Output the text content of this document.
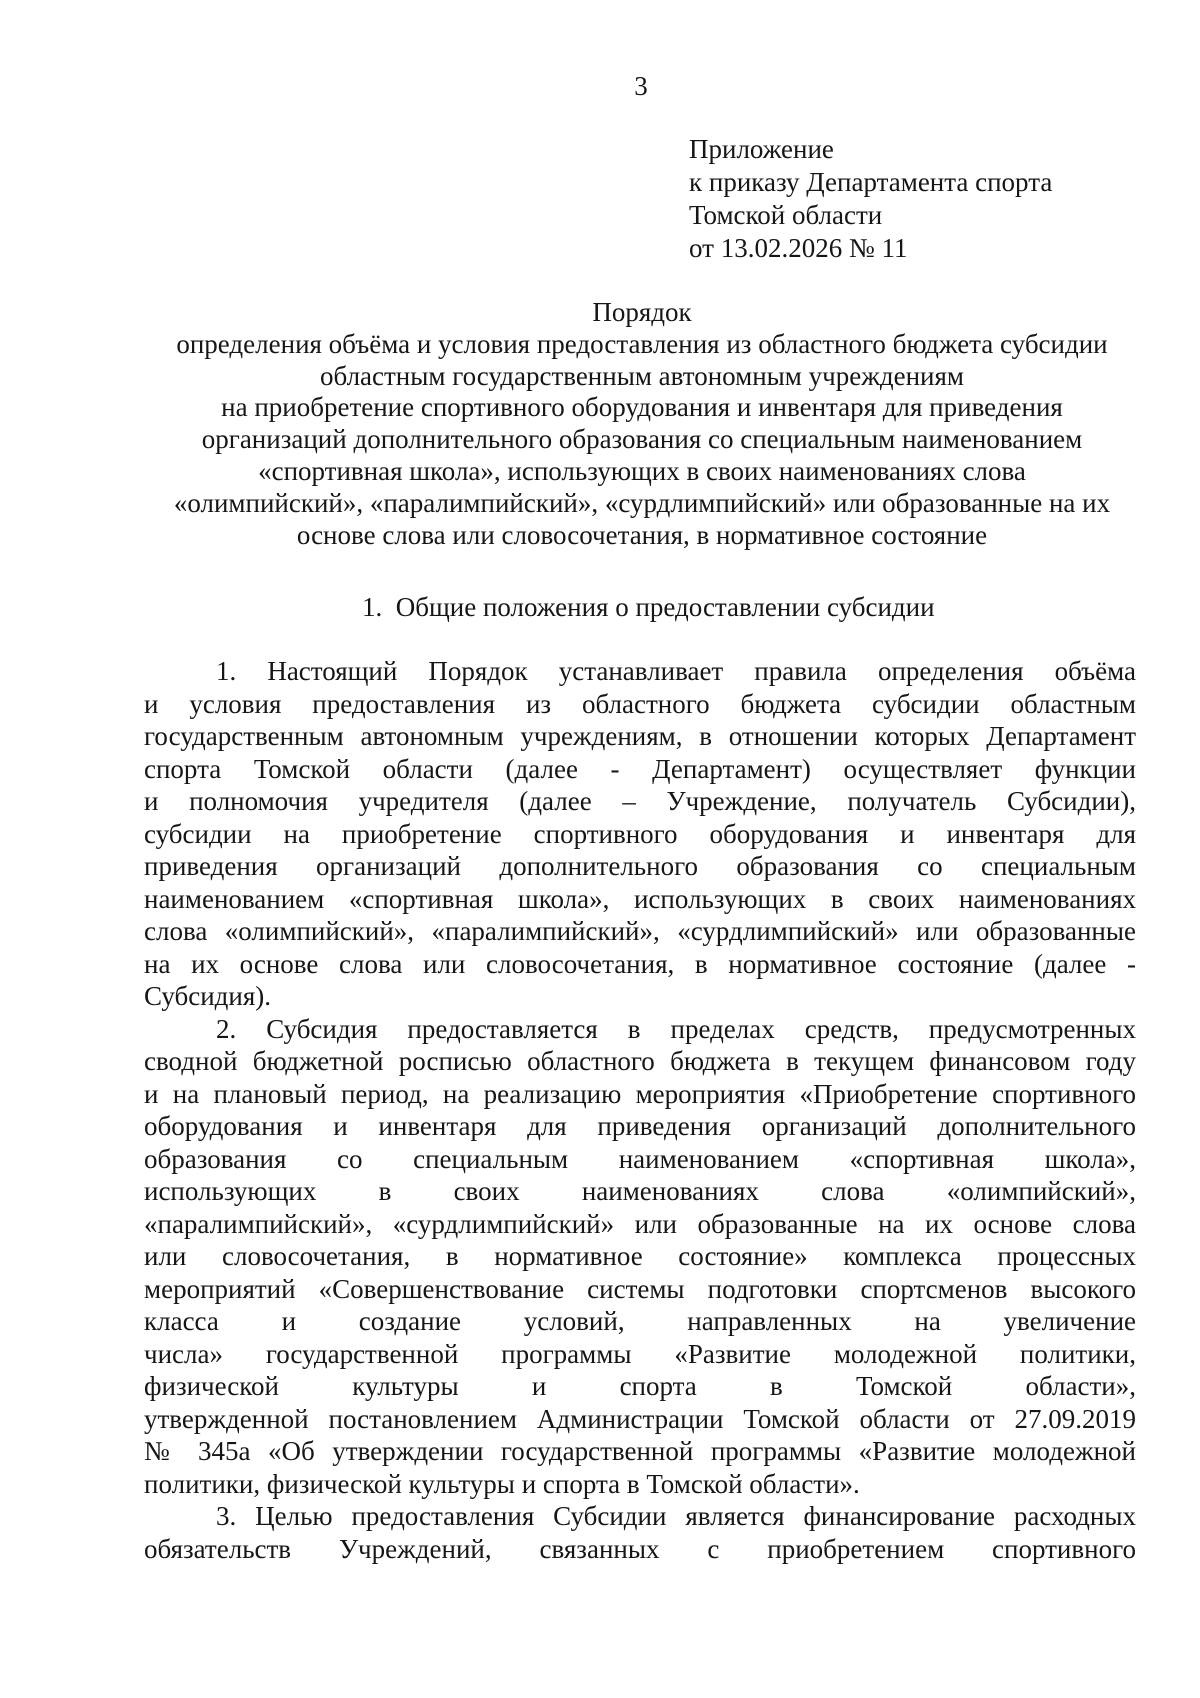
3
Приложение
к приказу Департамента спорта
Томской области
от 13.02.2026 № 11
Порядок
определения объёма и условия предоставления из областного бюджета субсидии
областным государственным автономным учреждениям
на приобретение спортивного оборудования и инвентаря для приведения
организаций дополнительного образования со специальным наименованием
«спортивная школа», использующих в своих наименованиях слова
«олимпийский», «паралимпийский», «сурдлимпийский» или образованные на их
основе слова или словосочетания, в нормативное состояние
1. Общие положения о предоставлении субсидии
1. Настоящий Порядок устанавливает правила определения объёма
и условия предоставления из областного бюджета субсидии областным
государственным автономным учреждениям, в отношении которых Департамент
спорта Томской области (далее - Департамент) осуществляет функции
и полномочия учредителя (далее – Учреждение, получатель Субсидии),
субсидии на приобретение спортивного оборудования и инвентаря для
приведения организаций дополнительного образования со специальным
наименованием «спортивная школа», использующих в своих наименованиях
слова «олимпийский», «паралимпийский», «сурдлимпийский» или образованные
на их основе слова или словосочетания, в нормативное состояние (далее -
Субсидия).
2. Субсидия предоставляется в пределах средств, предусмотренных
сводной бюджетной росписью областного бюджета в текущем финансовом году
и на плановый период, на реализацию мероприятия «Приобретение спортивного
оборудования и инвентаря для приведения организаций дополнительного
образования со специальным наименованием «спортивная школа»,
использующих в своих наименованиях слова «олимпийский»,
«паралимпийский», «сурдлимпийский» или образованные на их основе слова
или словосочетания, в нормативное состояние» комплекса процессных
мероприятий «Совершенствование системы подготовки спортсменов высокого
класса и создание условий, направленных на увеличение
числа» государственной программы «Развитие молодежной политики,
физической культуры и спорта в Томской области»,
утвержденной постановлением Администрации Томской области от 27.09.2019
№ 345а «Об утверждении государственной программы «Развитие молодежной
политики, физической культуры и спорта в Томской области».
3. Целью предоставления Субсидии является финансирование расходных
обязательств Учреждений, связанных с приобретением спортивного
